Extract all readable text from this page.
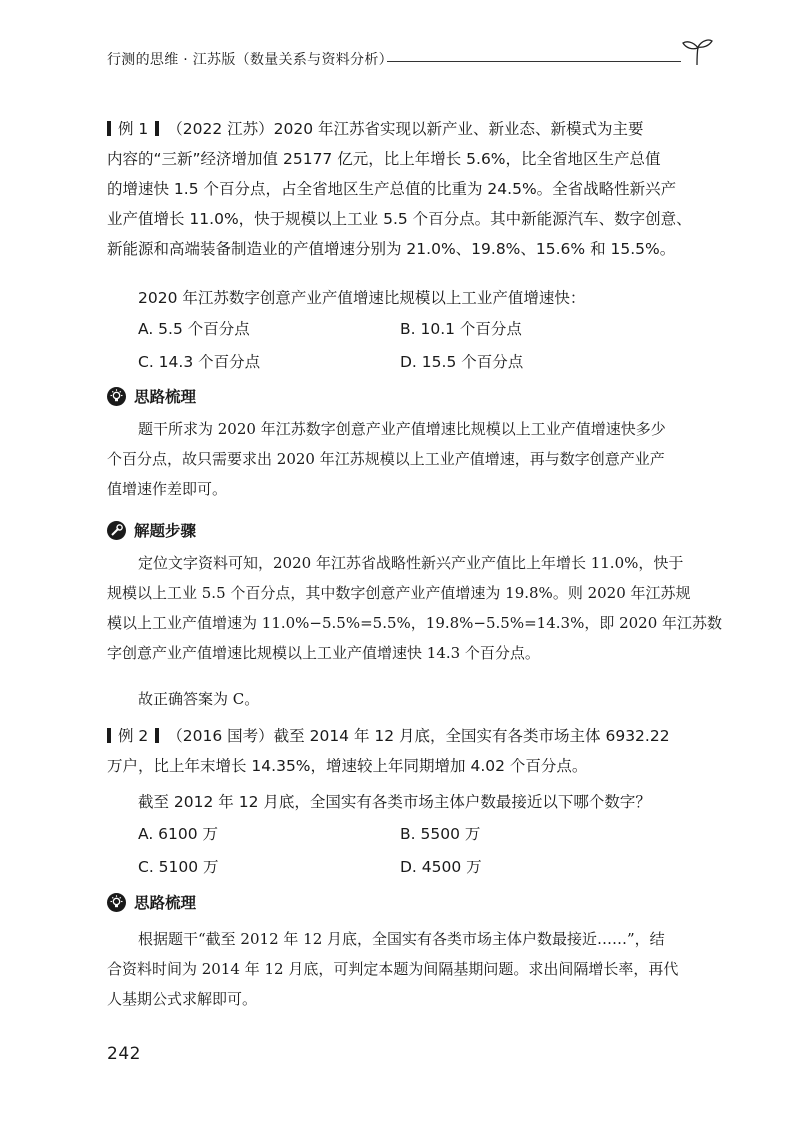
行测的思维 · 江苏版（数量关系与资料分析）
例 1 （2022 江苏）2020 年江苏省实现以新产业、新业态、新模式为主要
内容的“三新”经济增加值 25177 亿元，比上年增长 5.6%，比全省地区生产总值
的增速快 1.5 个百分点，占全省地区生产总值的比重为 24.5%。全省战略性新兴产
业产值增长 11.0%，快于规模以上工业 5.5 个百分点。其中新能源汽车、数字创意、
新能源和高端装备制造业的产值增速分别为 21.0%、19.8%、15.6% 和 15.5%。
2020 年江苏数字创意产业产值增速比规模以上工业产值增速快：
A. 5.5 个百分点	B. 10.1 个百分点
C. 14.3 个百分点	D. 15.5 个百分点
思路梳理
题干所求为 2020 年江苏数字创意产业产值增速比规模以上工业产值增速快多少
个百分点，故只需要求出 2020 年江苏规模以上工业产值增速，再与数字创意产业产
值增速作差即可。
解题步骤
定位文字资料可知，2020 年江苏省战略性新兴产业产值比上年增长 11.0%，快于
规模以上工业 5.5 个百分点，其中数字创意产业产值增速为 19.8%。则 2020 年江苏规
模以上工业产值增速为 11.0%−5.5%=5.5%，19.8%−5.5%=14.3%，即 2020 年江苏数
字创意产业产值增速比规模以上工业产值增速快 14.3 个百分点。
故正确答案为 C。
例 2 （2016 国考）截至 2014 年 12 月底，全国实有各类市场主体 6932.22
万户，比上年末增长 14.35%，增速较上年同期增加 4.02 个百分点。
截至 2012 年 12 月底，全国实有各类市场主体户数最接近以下哪个数字？
A. 6100 万	B. 5500 万
C. 5100 万	D. 4500 万
思路梳理
根据题干“截至 2012 年 12 月底，全国实有各类市场主体户数最接近……”，结
合资料时间为 2014 年 12 月底，可判定本题为间隔基期问题。求出间隔增长率，再代
人基期公式求解即可。
242
